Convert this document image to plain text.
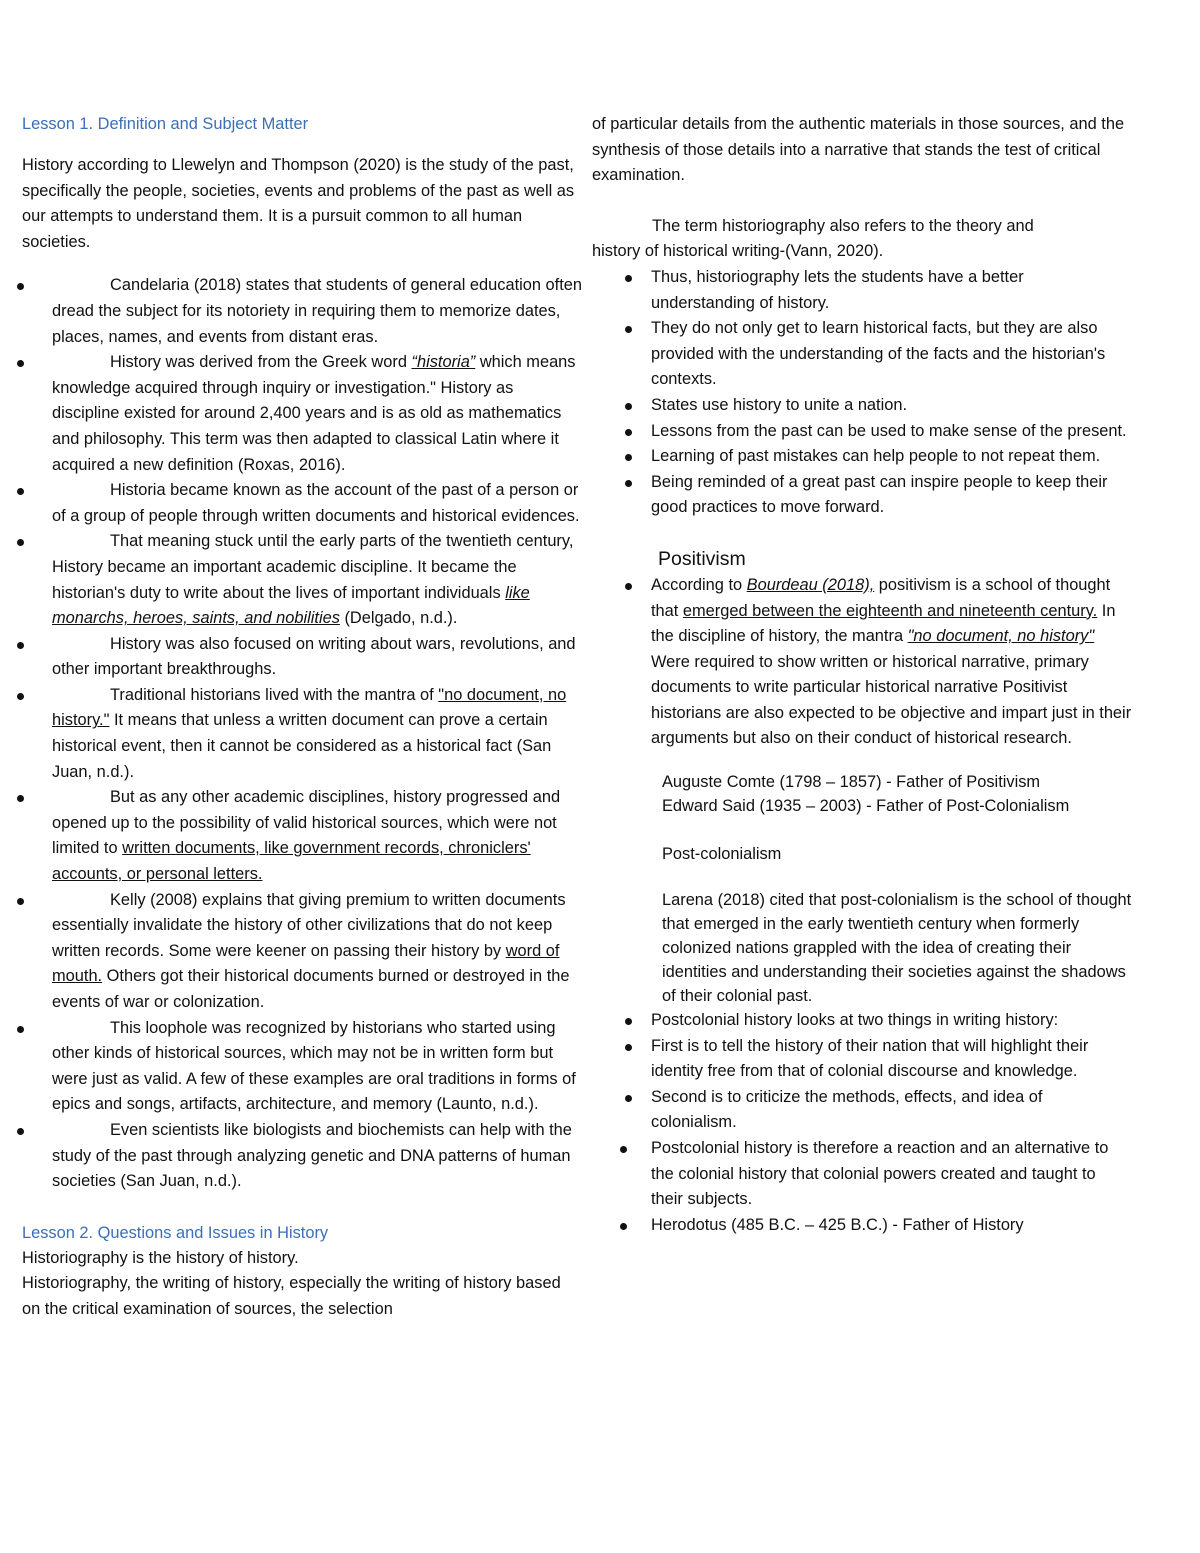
Lesson 1. Definition and Subject Matter

History according to Llewelyn and Thompson (2020) is the study of the past, specifically the people, societies, events and problems of the past as well as our attempts to understand them. It is a pursuit common to all human societies.

Candelaria (2018) states that students of general education often dread the subject for its notoriety in requiring them to memorize dates, places, names, and events from distant eras.
History was derived from the Greek word “historia” which means knowledge acquired through inquiry or investigation." History as discipline existed for around 2,400 years and is as old as mathematics and philosophy. This term was then adapted to classical Latin where it acquired a new definition (Roxas, 2016).
Historia became known as the account of the past of a person or of a group of people through written documents and historical evidences.
That meaning stuck until the early parts of the twentieth century, History became an important academic discipline. It became the historian's duty to write about the lives of important individuals like monarchs, heroes, saints, and nobilities (Delgado, n.d.).
History was also focused on writing about wars, revolutions, and other important breakthroughs.
Traditional historians lived with the mantra of "no document, no history." It means that unless a written document can prove a certain historical event, then it cannot be considered as a historical fact (San Juan, n.d.).
But as any other academic disciplines, history progressed and opened up to the possibility of valid historical sources, which were not limited to written documents, like government records, chroniclers' accounts, or personal letters.
Kelly (2008) explains that giving premium to written documents essentially invalidate the history of other civilizations that do not keep written records. Some were keener on passing their history by word of mouth. Others got their historical documents burned or destroyed in the events of war or colonization.
This loophole was recognized by historians who started using other kinds of historical sources, which may not be in written form but were just as valid. A few of these examples are oral traditions in forms of epics and songs, artifacts, architecture, and memory (Launto, n.d.).
Even scientists like biologists and biochemists can help with the study of the past through analyzing genetic and DNA patterns of human societies (San Juan, n.d.).

Lesson 2. Questions and Issues in History

Historiography is the history of history.

Historiography, the writing of history, especially the writing of history based on the critical examination of sources, the selection

of particular details from the authentic materials in those sources, and the synthesis of those details into a narrative that stands the test of critical examination.

The term historiography also refers to the theory and

history of historical writing-(Vann, 2020).

Thus, historiography lets the students have a better understanding of history.
They do not only get to learn historical facts, but they are also provided with the understanding of the facts and the historian's contexts.
States use history to unite a nation.
Lessons from the past can be used to make sense of the present.
Learning of past mistakes can help people to not repeat them.
Being reminded of a great past can inspire people to keep their good practices to move forward.

Positivism

According to Bourdeau (2018), positivism is a school of thought that emerged between the eighteenth and nineteenth century. In the discipline of history, the mantra "no document, no history" Were required to show written or historical narrative, primary documents to write particular historical narrative Positivist historians are also expected to be objective and impart just in their arguments but also on their conduct of historical research.

Auguste Comte (1798 – 1857) - Father of Positivism

Edward Said (1935 – 2003) - Father of Post-Colonialism

Post-colonialism

Larena (2018) cited that post-colonialism is the school of thought that emerged in the early twentieth century when formerly colonized nations grappled with the idea of creating their identities and understanding their societies against the shadows of their colonial past.

Postcolonial history looks at two things in writing history:
First is to tell the history of their nation that will highlight their identity free from that of colonial discourse and knowledge.
Second is to criticize the methods, effects, and idea of colonialism.
Postcolonial history is therefore a reaction and an alternative to the colonial history that colonial powers created and taught to their subjects.
Herodotus (485 B.C. – 425 B.C.) - Father of History
